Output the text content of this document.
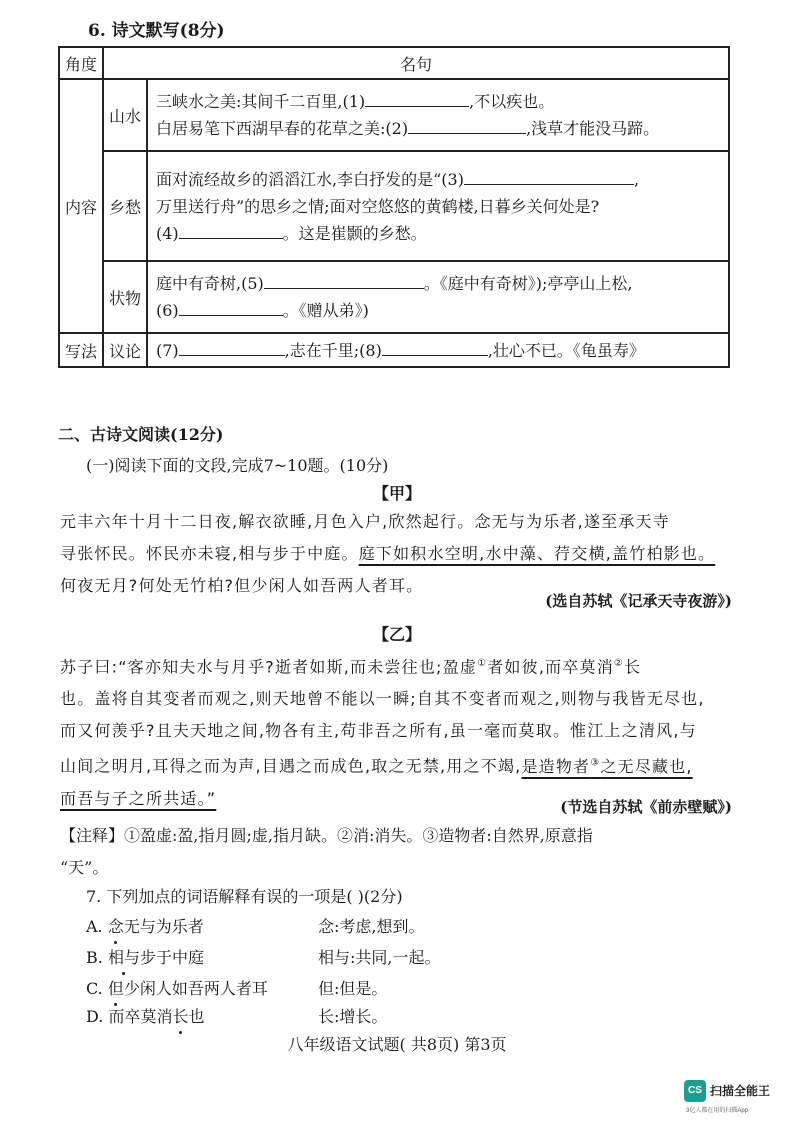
6. 诗文默写(8分)
角度	名句	
内容	山水	三峡水之美:其间千二百里,(1) ,不以疾也。
白居易笔下西湖早春的花草之美:(2) ,浅草才能没马蹄。

	乡愁	面对流经故乡的滔滔江水,李白抒发的是“(3) ,
万里送行舟”的思乡之情;面对空悠悠的黄鹤楼,日暮乡关何处是?
(4) 。这是崔颢的乡愁。

	状物	庭中有奇树,(5) 。《庭中有奇树》);亭亭山上松,
(6) 。《赠从弟》)

写法	议论	(7) ,志在千里;(8) ,壮心不已。《龟虽寿》
二、古诗文阅读(12分)
(一)阅读下面的文段,完成7~10题。(10分)
【甲】
元丰六年十月十二日夜,解衣欲睡,月色入户,欣然起行。念无与为乐者,遂至承天寺
寻张怀民。怀民亦未寝,相与步于中庭。庭下如积水空明,水中藻、荇交横,盖竹柏影也。
何夜无月?何处无竹柏?但少闲人如吾两人者耳。
(选自苏轼《记承天寺夜游》)
【乙】
苏子曰:“客亦知夫水与月乎?逝者如斯,而未尝往也;盈虚①者如彼,而卒莫消②长
也。盖将自其变者而观之,则天地曾不能以一瞬;自其不变者而观之,则物与我皆无尽也,
而又何羡乎?且夫天地之间,物各有主,苟非吾之所有,虽一毫而莫取。惟江上之清风,与
山间之明月,耳得之而为声,目遇之而成色,取之无禁,用之不竭,是造物者③之无尽藏也,
而吾与子之所共适。”	(节选自苏轼《前赤壁赋》)
【注释】①盈虚:盈,指月圆;虚,指月缺。②消:消失。③造物者:自然界,原意指
“天”。
7. 下列加点的词语解释有误的一项是( )(2分)
A. 念无与为乐者	念:考虑,想到。
B. 相与步于中庭	相与:共同,一起。
C. 但少闲人如吾两人者耳	但:但是。
D. 而卒莫消长也	长:增长。
八年级语文试题( 共8页) 第3页
CS 扫描全能王
3亿人都在用的扫描App
